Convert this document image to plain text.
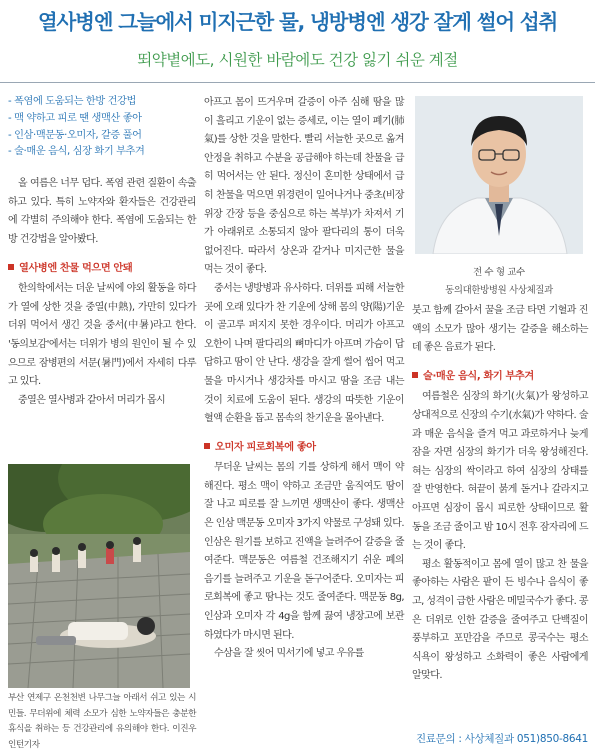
열사병엔 그늘에서 미지근한 물, 냉방병엔 생강 잘게 썰어 섭취
뙤약볕에도, 시원한 바람에도 건강 잃기 쉬운 계절
- 폭염에 도움되는 한방 건강법
- 맥 약하고 피로 땐 생맥산 좋아
- 인삼·맥문동·오미자, 갈증 풀어
- 술·매운 음식, 심장 화기 부추겨

올 여름은 너무 덥다. 폭염 관련 질환이 속출하고 있다. 특히 노약자와 환자들은 건강관리에 각별히 주의해야 한다. 폭염에 도움되는 한방 건강법을 알아봤다.

열사병엔 찬물 먹으면 안돼

한의학에서는 더운 날씨에 야외 활동을 하다가 열에 상한 것을 중열(中熱), 가만히 있다가 더위 먹어서 생긴 것을 중서(中暑)라고 한다. '동의보감'에서는 더위가 병의 원인이 될 수 있으므로 잠병편의 서문(暑門)에서 자세히 다루고 있다.

중열은 열사병과 같아서 머리가 몹시

부산 연제구 온천천변 나무그늘 아래서 쉬고 있는 시민들. 무더위에 체력 소모가 심한 노약자들은 충분한 휴식을 취하는 등 건강관리에 유의해야 한다. 이진우 인턴기자

아프고 몸이 뜨거우며 갈증이 아주 심해 땀을 많이 흘리고 기운이 없는 증세로, 이는 열이 폐기(肺氣)를 상한 것을 말한다. 빨리 서늘한 곳으로 옮겨 안정을 취하고 수분을 공급해야 하는데 찬물을 급히 먹어서는 안 된다. 정신이 혼미한 상태에서 급히 찬물을 먹으면 위경련이 일어나거나 중초(비장 위장 간장 등을 중심으로 하는 복부)가 차져서 기가 아래위로 소통되지 않아 팔다리의 통이 더욱 없어진다. 따라서 상온과 같거나 미지근한 물을 먹는 것이 좋다.

중서는 냉방병과 유사하다. 더위를 피해 서늘한 곳에 오래 있다가 찬 기운에 상해 몸의 양(陽)기운이 골고루 퍼지지 못한 경우이다. 머리가 아프고 오한이 나며 팔다리의 뼈마디가 아프며 가슴이 답답하고 땀이 안 난다. 생강을 잘게 썰어 씹어 먹고 물을 마시거나 생강차를 마시고 땀을 조금 내는 것이 치료에 도움이 된다. 생강의 따뜻한 기운이 혈액 순환을 돕고 몸속의 찬기운을 몰아낸다.

오미자 피로회복에 좋아

무더운 날씨는 몸의 기를 상하게 해서 맥이 약해진다. 평소 맥이 약하고 조금만 움직여도 땀이 잘 나고 피로를 잘 느끼면 생맥산이 좋다. 생맥산은 인삼 맥문동 오미자 3가지 약물로 구성돼 있다. 인삼은 원기를 보하고 진액을 늘려주어 갈증을 줄여준다. 맥문동은 여름철 건조해지기 쉬운 폐의 음기를 늘려주고 기운을 돋구어준다. 오미자는 피로회복에 좋고 땀나는 것도 줄여준다. 맥문동 8g, 인삼과 오미자 각 4g을 함께 끓여 냉장고에 보관하였다가 마시면 된다.

수삼을 잘 씻어 믹서기에 넣고 우유를

전 수 형 교수
동의대한방병원 사상체질과

붓고 함께 갈아서 꿀을 조금 타면 기혈과 진액의 소모가 많아 생기는 갈증을 해소하는 데 좋은 음료가 된다.

술·매운 음식, 화기 부추겨

여름철은 심장의 화기(火氣)가 왕성하고 상대적으로 신장의 수기(水氣)가 약하다. 술과 매운 음식을 즐겨 먹고 과로하거나 늦게 잠을 자면 심장의 화기가 더욱 왕성해진다. 혀는 심장의 싹이라고 하여 심장의 상태를 잘 반영한다. 혀끝이 붉게 돋거나 갈라지고 아프면 심장이 몹시 피로한 상태이므로 활동을 조금 줄이고 밤 10시 전후 잠자리에 드는 것이 좋다.

평소 활동적이고 몸에 열이 많고 찬 물을 좋아하는 사람은 팥이 든 빙수나 음식이 좋고, 성격이 급한 사람은 메밀국수가 좋다. 콩은 더위로 인한 갈증을 줄여주고 단백질이 풍부하고 포만감을 주므로 콩국수는 평소 식욕이 왕성하고 소화력이 좋은 사람에게 알맞다.

진료문의 : 사상체질과 051)850-8641
